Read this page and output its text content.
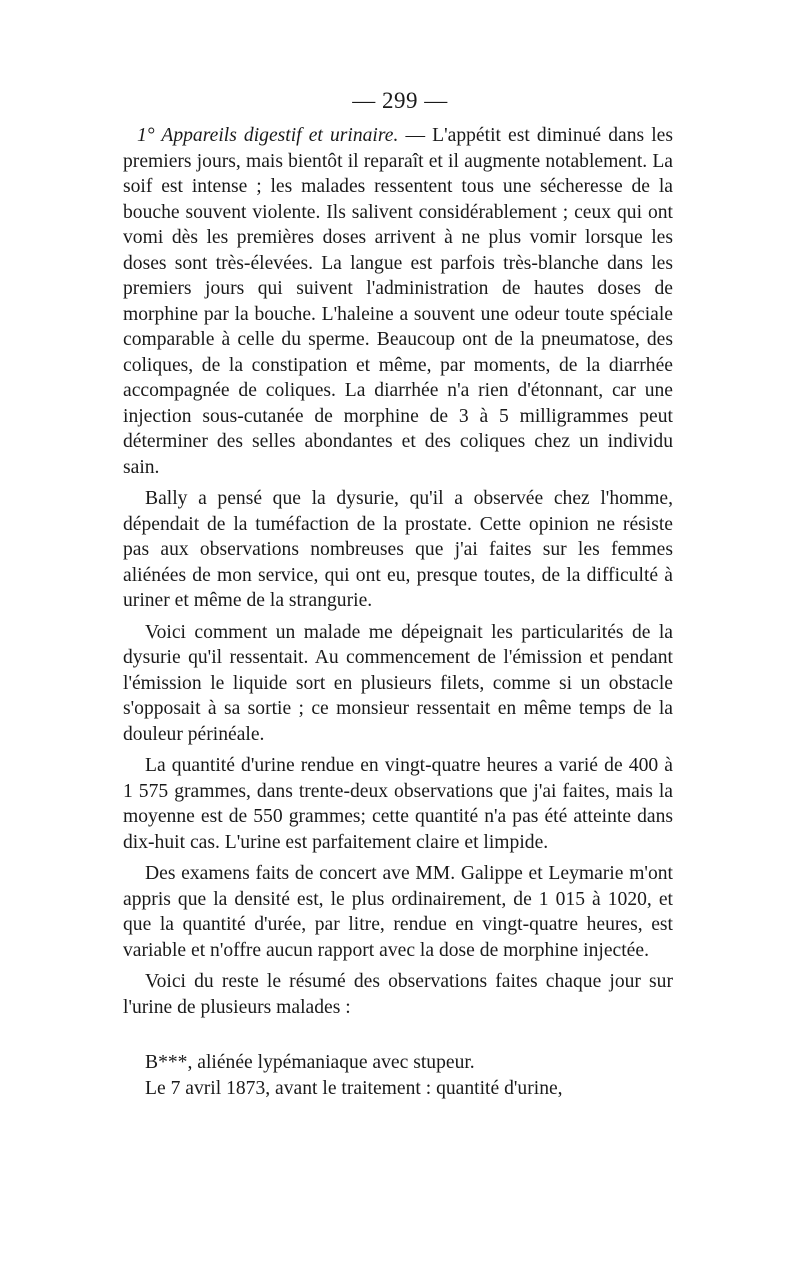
— 299 —

1° Appareils digestif et urinaire. — L'appétit est diminué dans les premiers jours, mais bientôt il reparaît et il augmente notablement. La soif est intense ; les malades ressentent tous une sécheresse de la bouche souvent violente. Ils salivent considérablement ; ceux qui ont vomi dès les premières doses arrivent à ne plus vomir lorsque les doses sont très-élevées. La langue est parfois très-blanche dans les premiers jours qui suivent l'administration de hautes doses de morphine par la bouche. L'haleine a souvent une odeur toute spéciale comparable à celle du sperme. Beaucoup ont de la pneumatose, des coliques, de la constipation et même, par moments, de la diarrhée accompagnée de coliques. La diarrhée n'a rien d'étonnant, car une injection sous-cutanée de morphine de 3 à 5 milligrammes peut déterminer des selles abondantes et des coliques chez un individu sain.

Bally a pensé que la dysurie, qu'il a observée chez l'homme, dépendait de la tuméfaction de la prostate. Cette opinion ne résiste pas aux observations nombreuses que j'ai faites sur les femmes aliénées de mon service, qui ont eu, presque toutes, de la difficulté à uriner et même de la strangurie.

Voici comment un malade me dépeignait les particularités de la dysurie qu'il ressentait. Au commencement de l'émission et pendant l'émission le liquide sort en plusieurs filets, comme si un obstacle s'opposait à sa sortie ; ce monsieur ressentait en même temps de la douleur périnéale.

La quantité d'urine rendue en vingt-quatre heures a varié de 400 à 1 575 grammes, dans trente-deux observations que j'ai faites, mais la moyenne est de 550 grammes; cette quantité n'a pas été atteinte dans dix-huit cas. L'urine est parfaitement claire et limpide.

Des examens faits de concert ave MM. Galippe et Leymarie m'ont appris que la densité est, le plus ordinairement, de 1 015 à 1020, et que la quantité d'urée, par litre, rendue en vingt-quatre heures, est variable et n'offre aucun rapport avec la dose de morphine injectée.

Voici du reste le résumé des observations faites chaque jour sur l'urine de plusieurs malades :

B***, aliénée lypémaniaque avec stupeur.

Le 7 avril 1873, avant le traitement : quantité d'urine,
